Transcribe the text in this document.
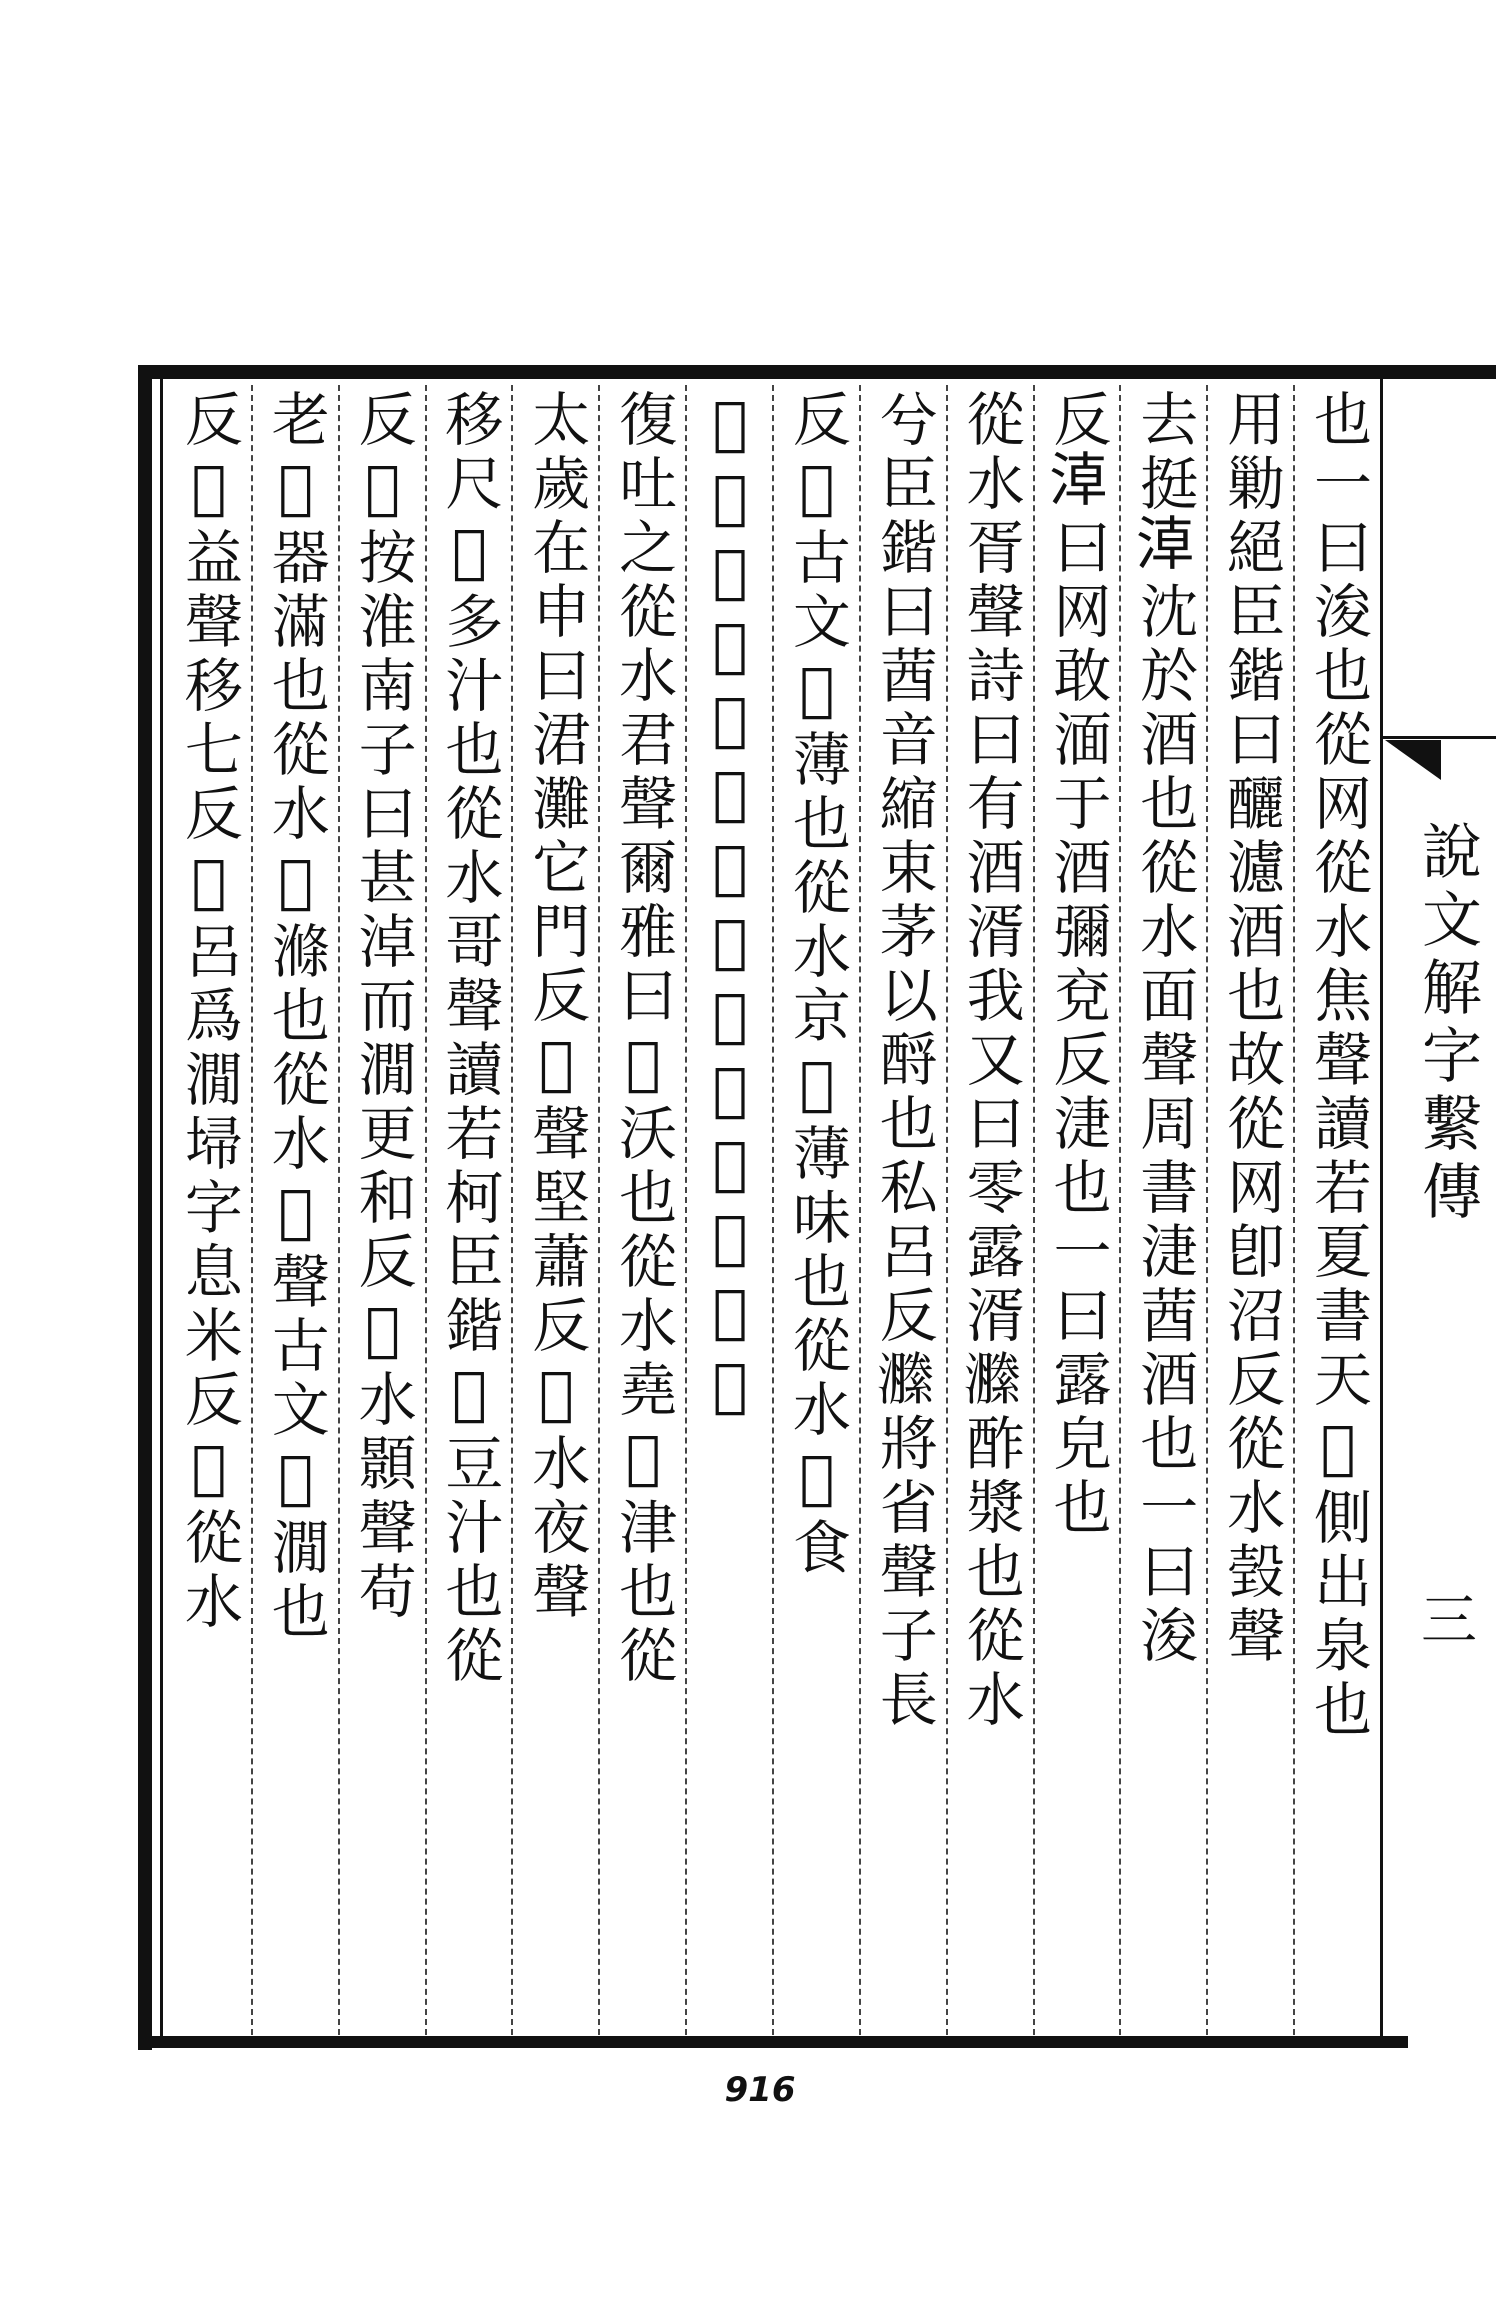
也一曰浚也從网從水焦聲讀若夏書天𤄳側出泉也
用勦絕臣鍇曰釃濾酒也故從网卽沼反從水㲄聲
去挺𣶃沈於酒也從水面聲周書𣶏莤酒也一曰浚
反𣶃曰网敢湎于酒彌兗反𣶏也一曰露皃也
從水胥聲詩曰有酒湑我又曰零露湑𤂵酢漿也從水
兮臣鍇曰莤音縮束茅以酹也私呂反𤂵將省聲子長
反𣴑古文𣴑薄也從水京𣴑薄味也從水𣴑食
𣴑𣴑聲栭昌反𣴑炎聲稻槧反𣴑巳
復吐之從水君聲爾雅曰𣴑沃也從水堯𣴑津也從
太歲在申曰涒灘它門反𣴑聲堅蕭反𣴑水夜聲
移尺𣴑多汁也從水哥聲讀若柯臣鍇𣴑豆汁也從
反𣴑按淮南子曰甚淖而㵎更和反𣴑水顥聲苟
老𣴑器滿也從水𣴑滌也從水𣶃聲古文𣴑㵎也
反𣴑益聲移七反𣴑呂爲㵎埽字息米反𣴑從水	說文解字繫傳
三
916
